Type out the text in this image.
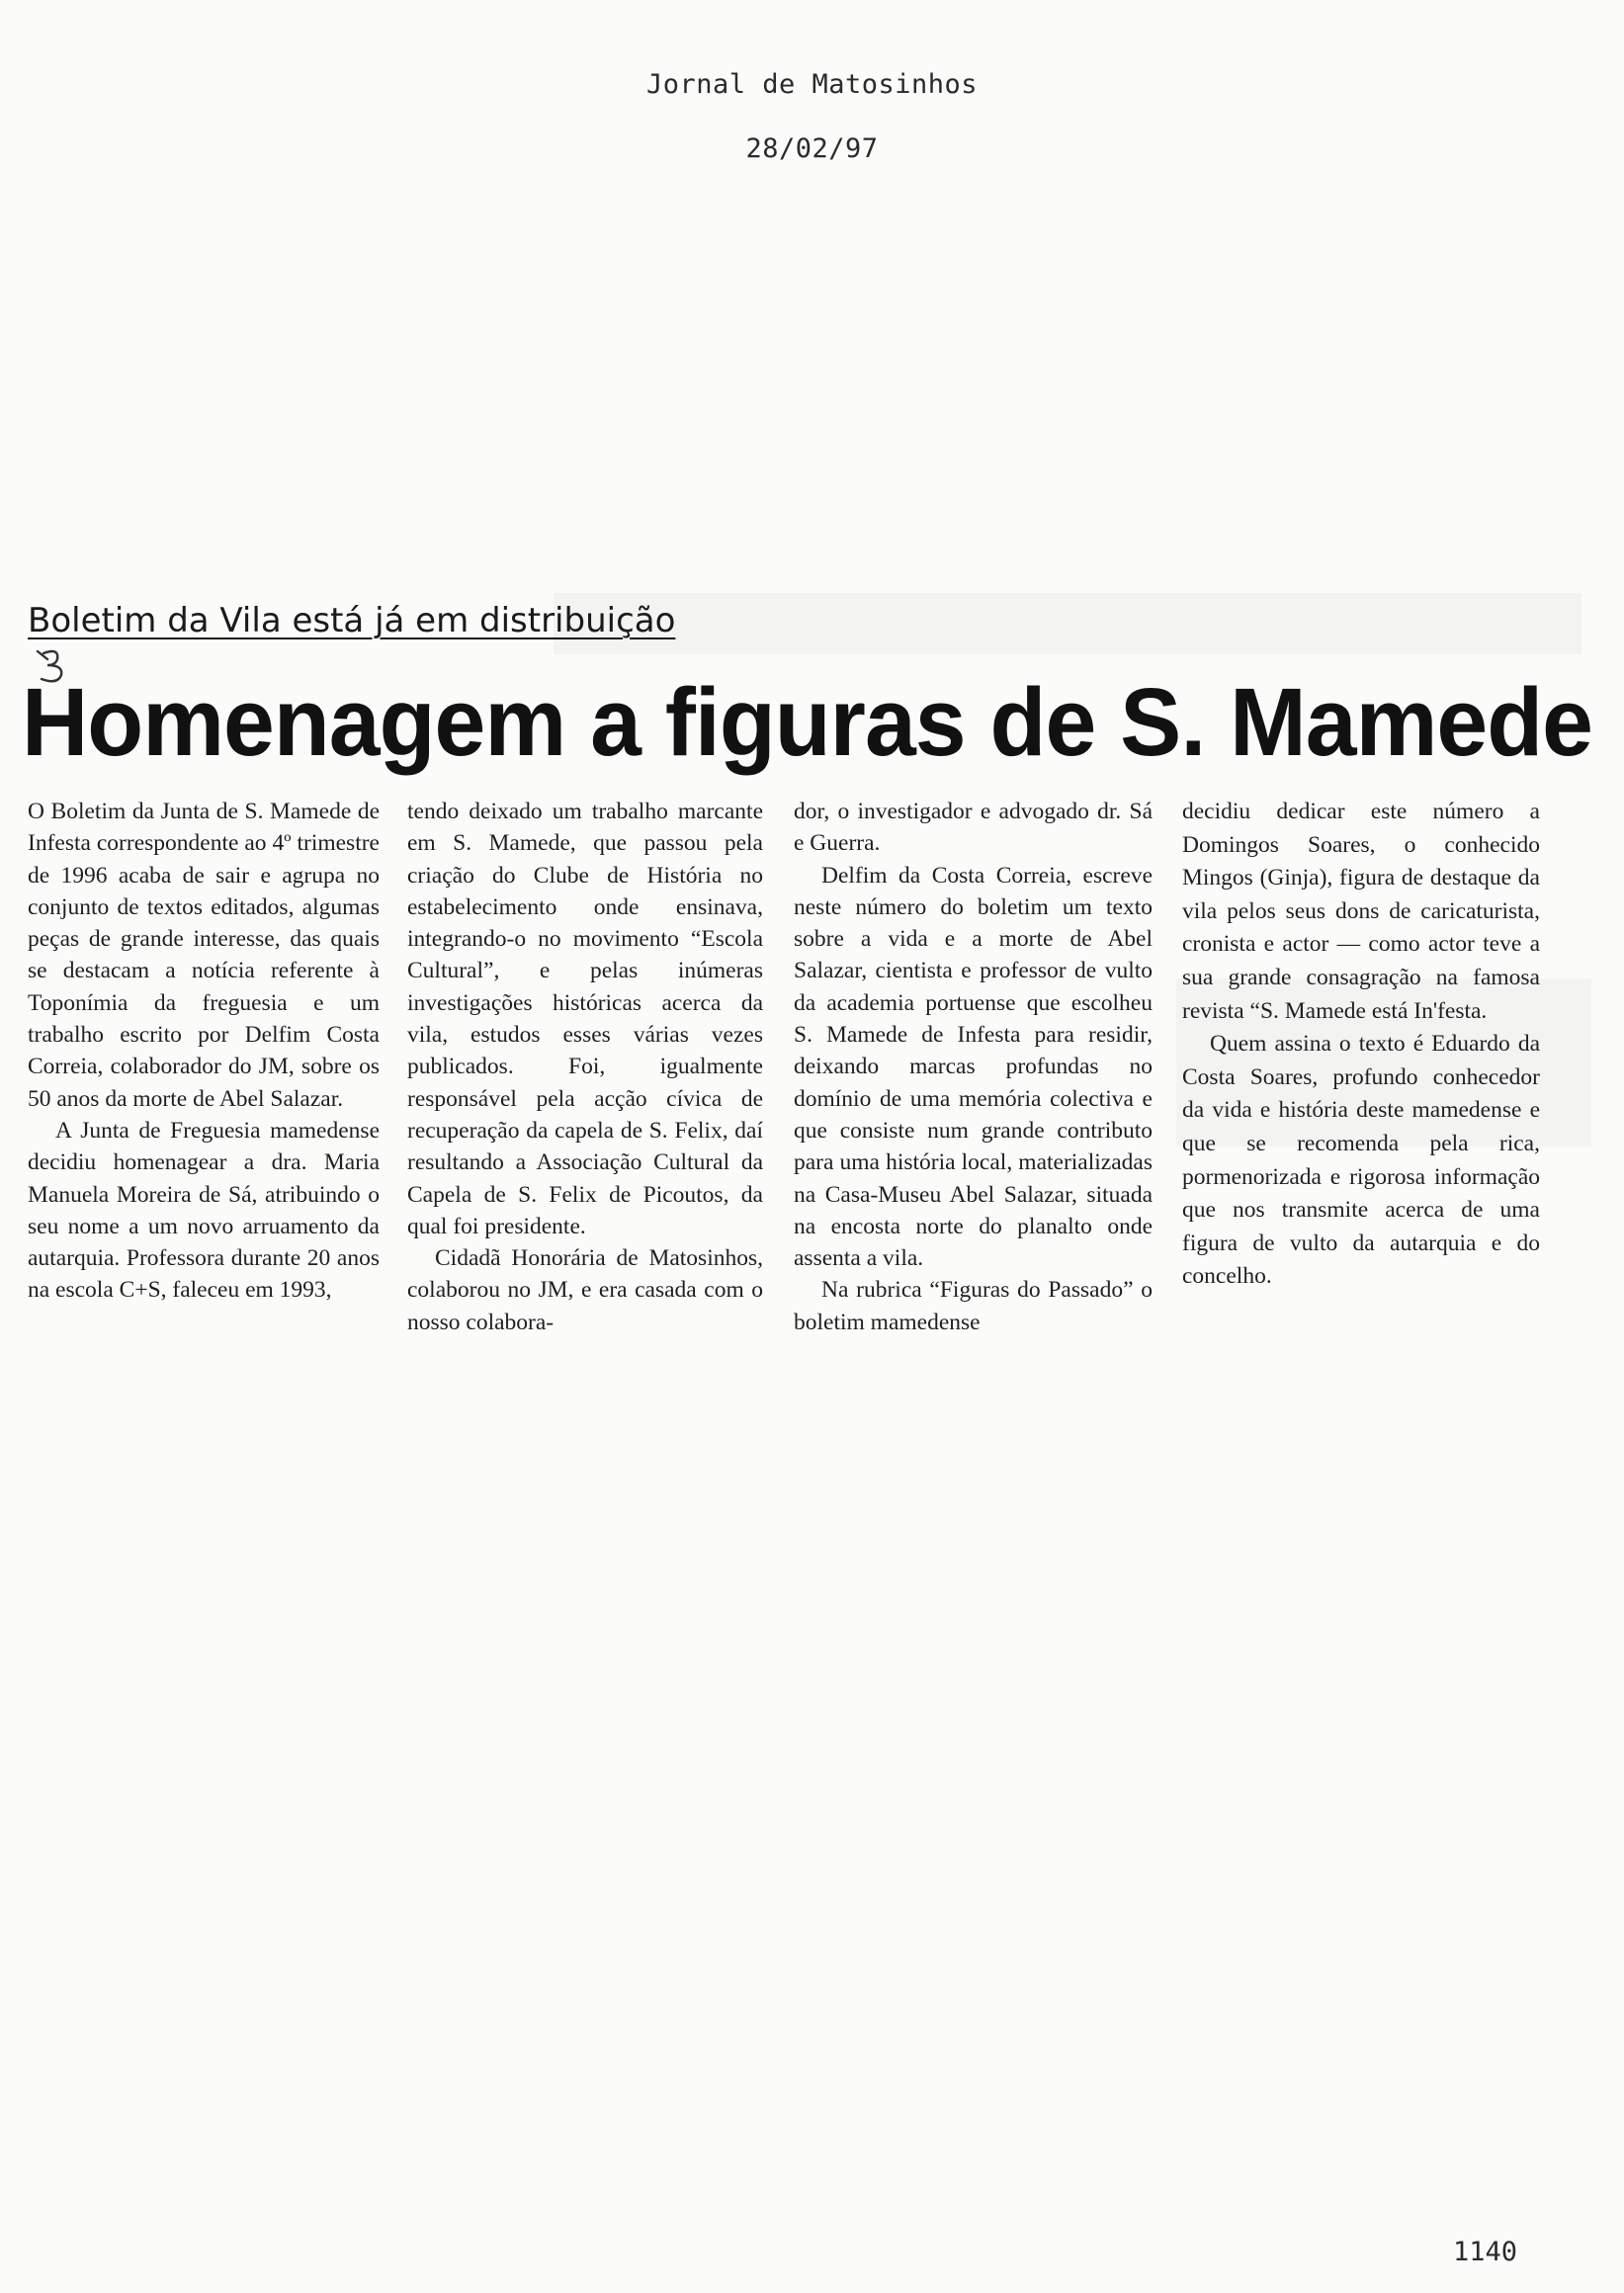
Jornal de Matosinhos
28/02/97
Boletim da Vila está já em distribuição
Homenagem a figuras de S. Mamede

O Boletim da Junta de S. Mamede de Infesta correspondente ao 4º trimestre de 1996 acaba de sair e agrupa no conjunto de textos editados, algumas peças de grande interesse, das quais se destacam a notícia referente à Toponímia da freguesia e um trabalho escrito por Delfim Costa Correia, colaborador do JM, sobre os 50 anos da morte de Abel Salazar.

A Junta de Freguesia mamedense decidiu homenagear a dra. Maria Manuela Moreira de Sá, atribuindo o seu nome a um novo arruamento da autarquia. Professora durante 20 anos na escola C+S, faleceu em 1993,

tendo deixado um trabalho marcante em S. Mamede, que passou pela criação do Clube de História no estabelecimento onde ensinava, integrando-o no movimento “Escola Cultural”, e pelas inúmeras investigações históricas acerca da vila, estudos esses várias vezes publicados. Foi, igualmente responsável pela acção cívica de recuperação da capela de S. Felix, daí resultando a Associação Cultural da Capela de S. Felix de Picoutos, da qual foi presidente.

Cidadã Honorária de Matosinhos, colaborou no JM, e era casada com o nosso colabora-

dor, o investigador e advogado dr. Sá e Guerra.

Delfim da Costa Correia, escreve neste número do boletim um texto sobre a vida e a morte de Abel Salazar, cientista e professor de vulto da academia portuense que escolheu S. Mamede de Infesta para residir, deixando marcas profundas no domínio de uma memória colectiva e que consiste num grande contributo para uma história local, materializadas na Casa-Museu Abel Salazar, situada na encosta norte do planalto onde assenta a vila.

Na rubrica “Figuras do Passado” o boletim mamedense

decidiu dedicar este número a Domingos Soares, o conhecido Mingos (Ginja), figura de destaque da vila pelos seus dons de caricaturista, cronista e actor — como actor teve a sua grande consagração na famosa revista “S. Mamede está In'festa.

Quem assina o texto é Eduardo da Costa Soares, profundo conhecedor da vida e história deste mamedense e que se recomenda pela rica, pormenorizada e rigorosa informação que nos transmite acerca de uma figura de vulto da autarquia e do concelho.

1140
